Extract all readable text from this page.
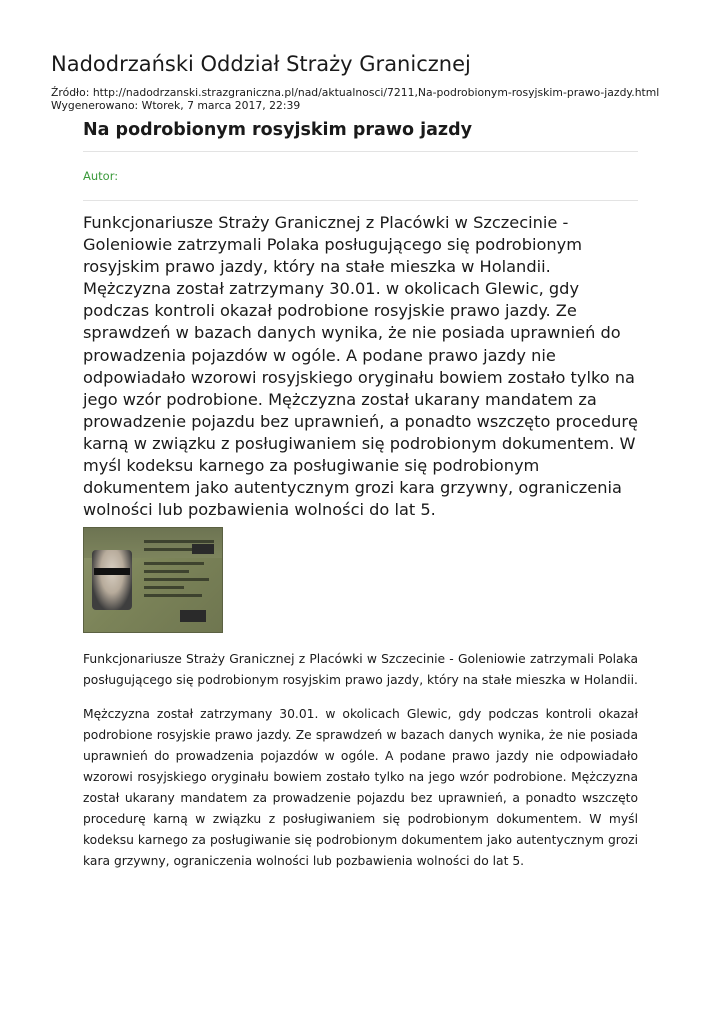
Nadodrzański Oddział Straży Granicznej
Źródło: http://nadodrzanski.strazgraniczna.pl/nad/aktualnosci/7211,Na-podrobionym-rosyjskim-prawo-jazdy.html
Wygenerowano: Wtorek, 7 marca 2017, 22:39
Na podrobionym rosyjskim prawo jazdy
Autor:
Funkcjonariusze Straży Granicznej z Placówki w Szczecinie - Goleniowie zatrzymali Polaka posługującego się podrobionym rosyjskim prawo jazdy, który na stałe mieszka w Holandii. Mężczyzna został zatrzymany 30.01. w okolicach Glewic, gdy podczas kontroli okazał podrobione rosyjskie prawo jazdy. Ze sprawdzeń w bazach danych wynika, że nie posiada uprawnień do prowadzenia pojazdów w ogóle. A podane prawo jazdy nie odpowiadało wzorowi rosyjskiego oryginału bowiem zostało tylko na jego wzór podrobione. Mężczyzna został ukarany mandatem za prowadzenie pojazdu bez uprawnień, a ponadto wszczęto procedurę karną w związku z posługiwaniem się podrobionym dokumentem. W myśl kodeksu karnego za posługiwanie się podrobionym dokumentem jako autentycznym grozi kara grzywny, ograniczenia wolności lub pozbawienia wolności do lat 5.

Funkcjonariusze Straży Granicznej z Placówki w Szczecinie - Goleniowie zatrzymali Polaka posługującego się podrobionym rosyjskim prawo jazdy, który na stałe mieszka w Holandii.

Mężczyzna został zatrzymany 30.01. w okolicach Glewic, gdy podczas kontroli okazał podrobione rosyjskie prawo jazdy. Ze sprawdzeń w bazach danych wynika, że nie posiada uprawnień do prowadzenia pojazdów w ogóle. A podane prawo jazdy nie odpowiadało wzorowi rosyjskiego oryginału bowiem zostało tylko na jego wzór podrobione. Mężczyzna został ukarany mandatem za prowadzenie pojazdu bez uprawnień, a ponadto wszczęto procedurę karną w związku z posługiwaniem się podrobionym dokumentem. W myśl kodeksu karnego za posługiwanie się podrobionym dokumentem jako autentycznym grozi kara grzywny, ograniczenia wolności lub pozbawienia wolności do lat 5.
